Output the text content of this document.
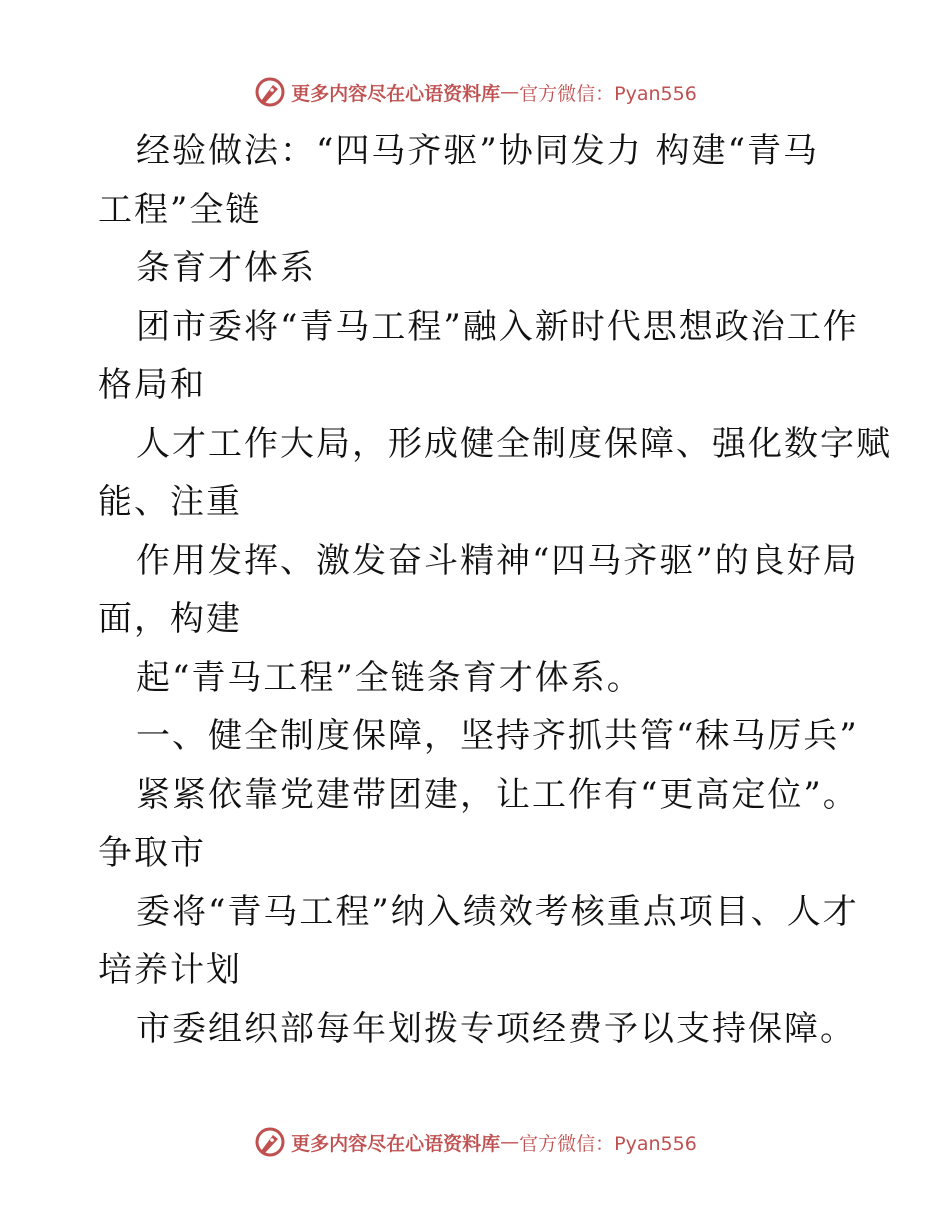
更多内容尽在心语资料库 — 官方微信：Pyan556
经验做法：“四马齐驱”协同发力 构建“青马
工程”全链
条育才体系
团市委将“青马工程”融入新时代思想政治工作
格局和
人才工作大局，形成健全制度保障、强化数字赋
能、注重
作用发挥、激发奋斗精神“四马齐驱”的良好局
面，构建
起“青马工程”全链条育才体系。
一、健全制度保障，坚持齐抓共管“秣马厉兵”
紧紧依靠党建带团建，让工作有“更高定位”。
争取市
委将“青马工程”纳入绩效考核重点项目、人才
培养计划
市委组织部每年划拨专项经费予以支持保障。
更多内容尽在心语资料库 — 官方微信：Pyan556
